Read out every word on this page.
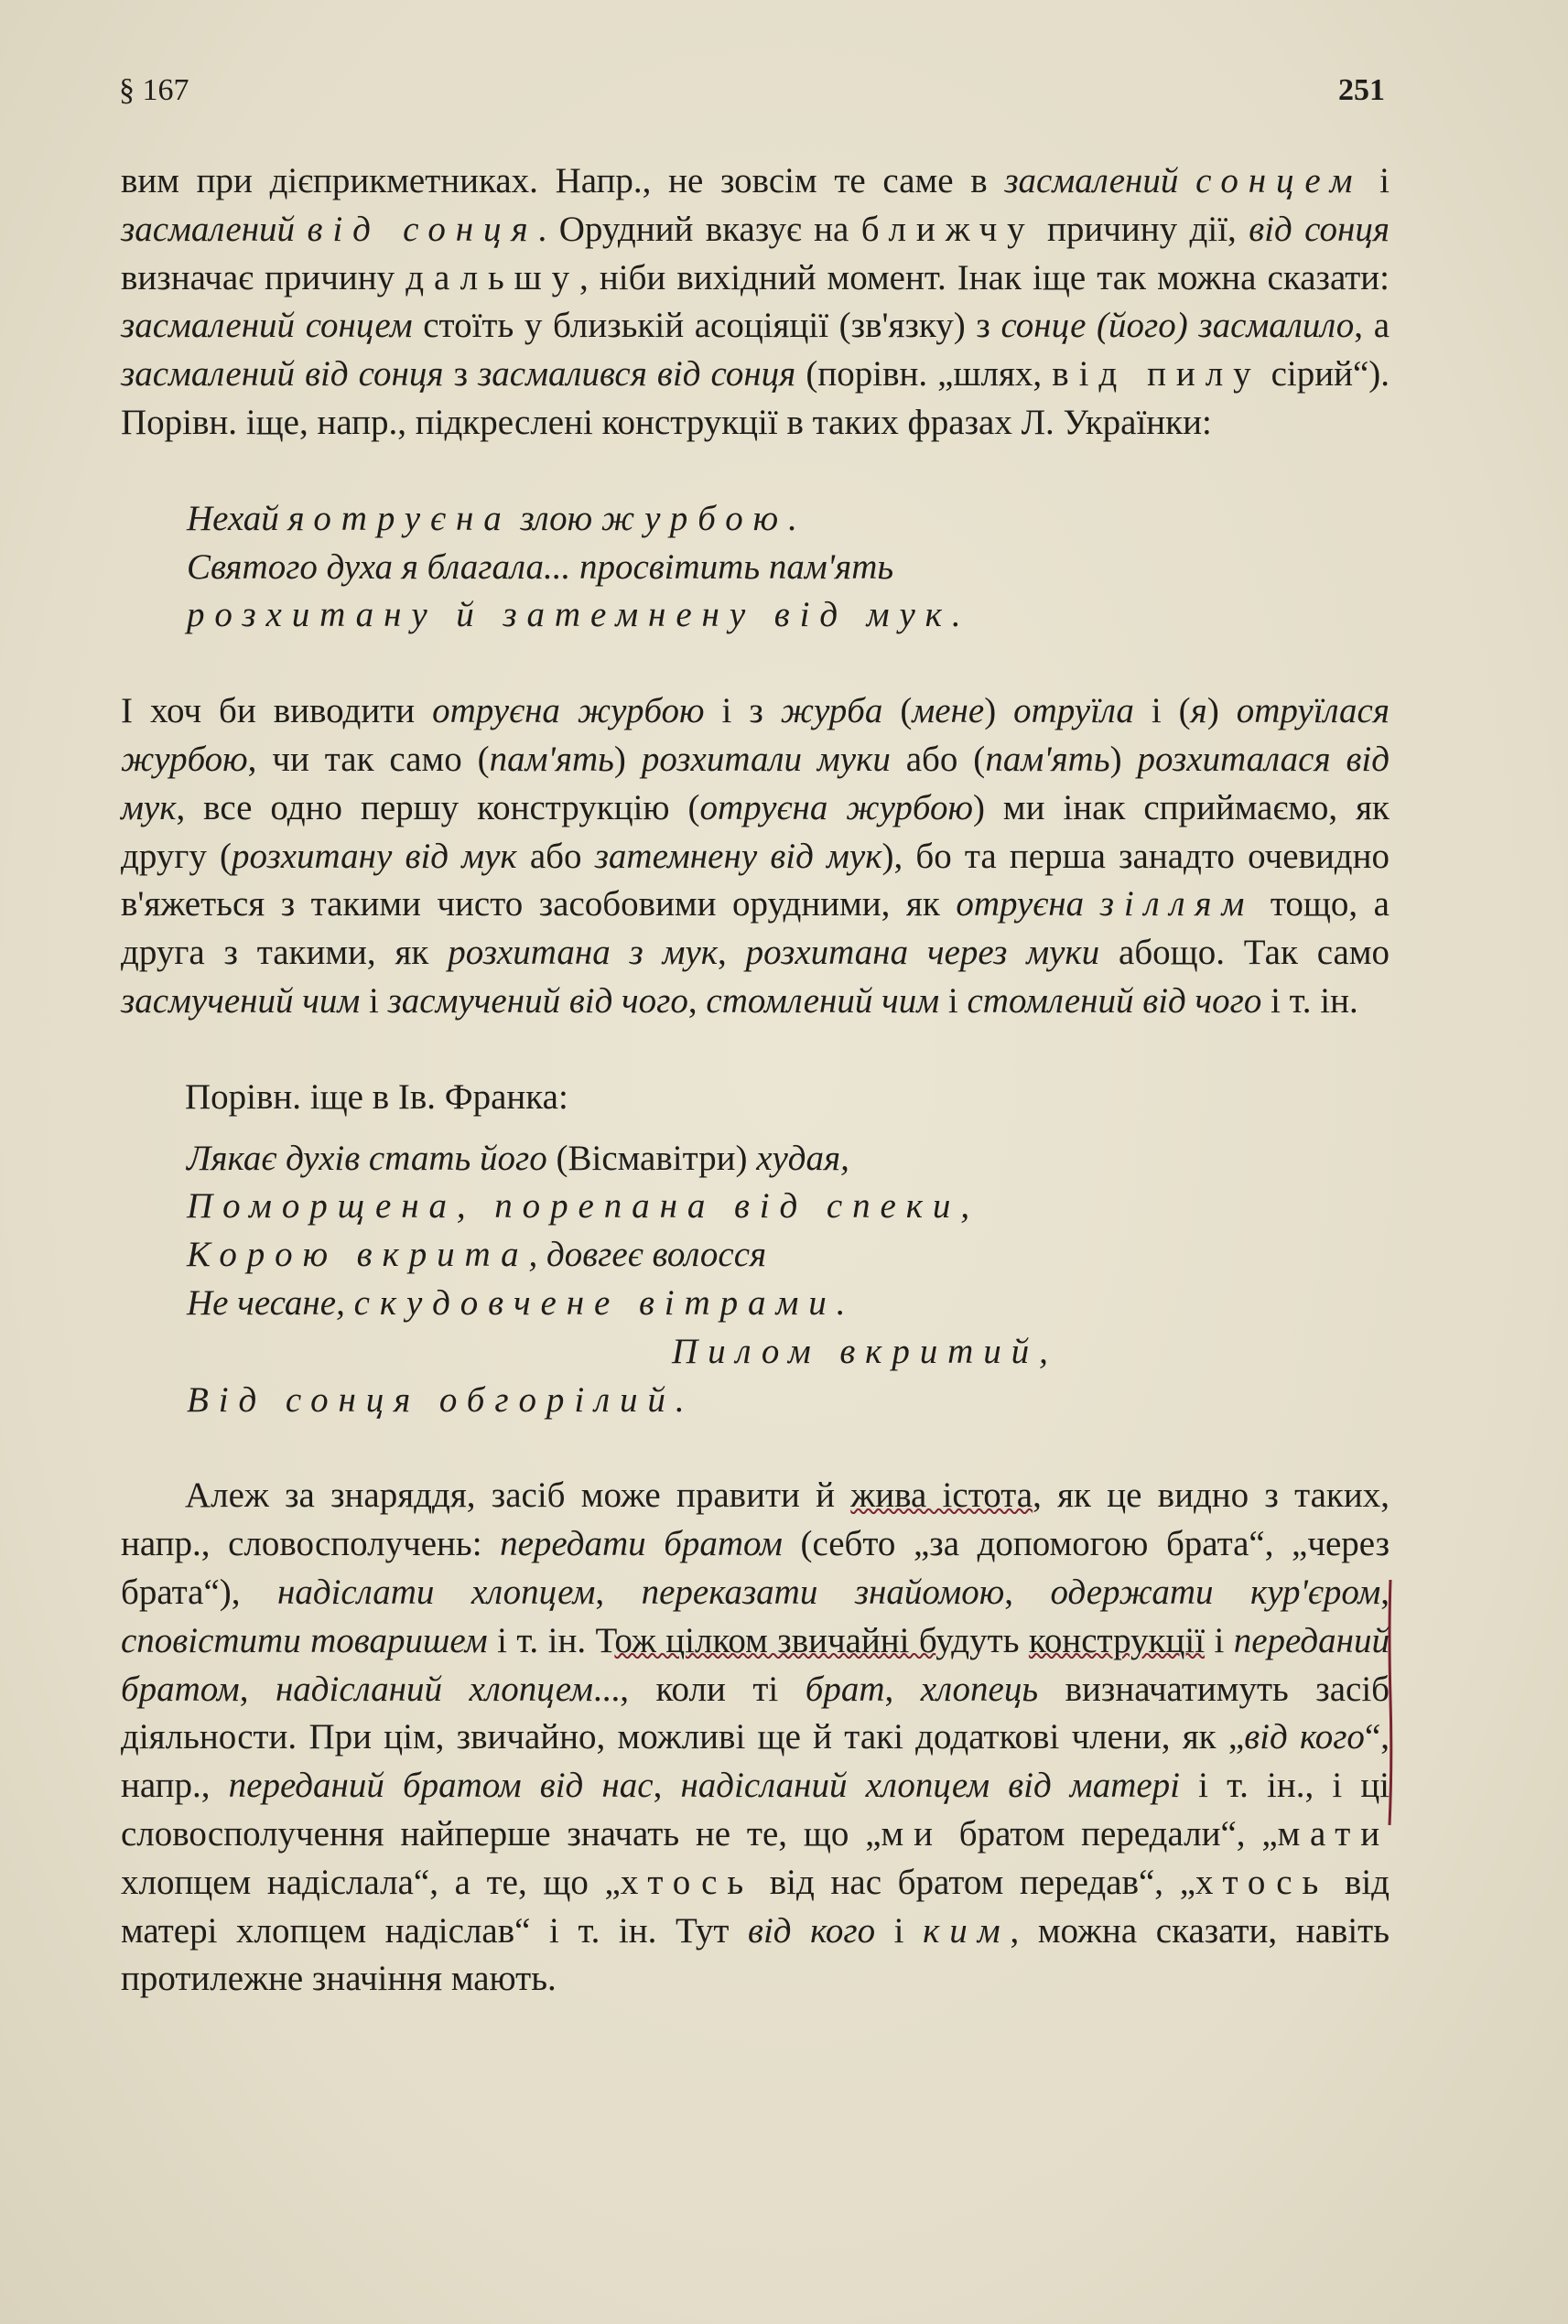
§ 167	251

вим при дієприкметниках. Напр., не зовсім те саме в засмалений сонцем і засмалений від сонця. Орудний вказує на ближчу причину дії, від сонця визначає причину дальшу, ніби вихідний момент. Інак іще так можна сказати: засмалений сонцем стоїть у близькій асоціяції (зв'язку) з сонце (його) засмалило, а засмалений від сонця з засмалився від сонця (порівн. „шлях, від пилу сірий“). Порівн. іще, напр., підкреслені конструкції в таких фразах Л. Українки:

Нехай я отруєна злою журбою.
Святого духа я благала... просвітить пам'ять
розхитану й затемнену від мук.

І хоч би виводити отруєна журбою і з журба (мене) отруїла і (я) отруїлася журбою, чи так само (пам'ять) розхитали муки або (пам'ять) розхиталася від мук, все одно першу конструкцію (отруєна журбою) ми інак сприймаємо, як другу (розхитану від мук або затемнену від мук), бо та перша занадто очевидно в'яжеться з такими чисто засобовими орудними, як отруєна зіллям тощо, а друга з такими, як розхитана з мук, розхитана через муки абощо. Так само засмучений чим і засмучений від чого, стомлений чим і стомлений від чого і т. ін.

Порівн. іще в Ів. Франка:

Лякає духів стать його (Вісмавітри) худая,
Поморщена, порепана від спеки,
Корою вкрита, довгеє волосся
Не чесане, скудовчене вітрами.
Пилом вкритий,
Від сонця обгорілий.

Алеж за знаряддя, засіб може правити й жива істота, як це видно з таких, напр., словосполучень: передати братом (себто „за допомогою брата“, „через брата“), надіслати хлопцем, переказати знайомою, одержати кур'єром, сповістити товаришем і т. ін. Тож цілком звичайні будуть конструкції і переданий братом, надісланий хлопцем..., коли ті брат, хлопець визначатимуть засіб діяльности. При цім, звичайно, можливі ще й такі додаткові члени, як „від кого“, напр., переданий братом від нас, надісланий хлопцем від матері і т. ін., і ці словосполучення найперше значать не те, що „ми братом передали“, „мати хлопцем надіслала“, а те, що „хтось від нас братом передав“, „хтось від матері хлопцем надіслав“ і т. ін. Тут від кого і ким, можна сказати, навіть протилежне значіння мають.
